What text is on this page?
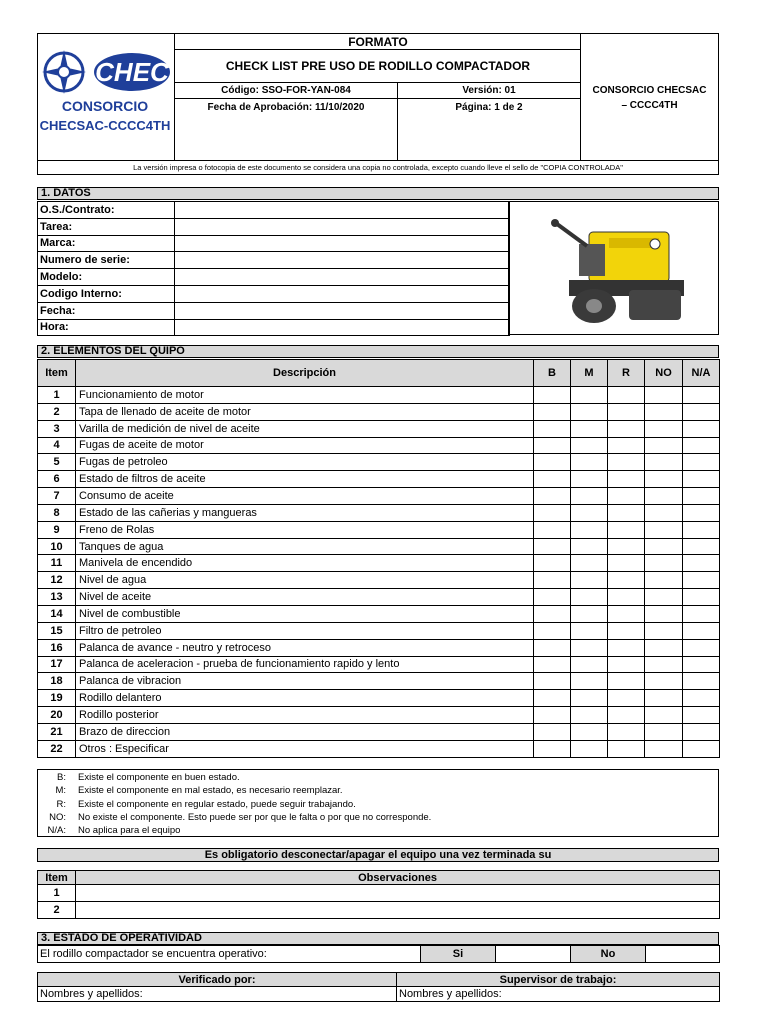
CHEC
CONSORCIO
CHECSAC-CCCC4TH
FORMATO
CHECK LIST PRE USO DE RODILLO COMPACTADOR
Código: SSO-FOR-YAN-084	Versión: 01
Fecha de Aprobación: 11/10/2020	Página: 1 de 2
CONSORCIO CHECSAC
– CCCC4TH
La versión impresa o fotocopia de este documento se considera una copia no controlada, excepto cuando lleve el sello de "COPIA CONTROLADA"
1. DATOS
O.S./Contrato:	
Tarea:	
Marca:	
Numero de serie:	
Modelo:	
Codigo Interno:	
Fecha:	
Hora:	
2. ELEMENTOS DEL QUIPO
Item	Descripción	B	M	R	NO	N/A
1	Funcionamiento de motor					
2	Tapa de llenado de aceite de motor					
3	Varilla de medición de nivel de aceite					
4	Fugas de aceite de motor					
5	Fugas de petroleo					
6	Estado de filtros de aceite					
7	Consumo de aceite					
8	Estado de las cañerias y mangueras					
9	Freno de Rolas					
10	Tanques de agua					
11	Manivela de encendido					
12	Nivel de agua					
13	Nivel de aceite					
14	Nivel de combustible					
15	Filtro de petroleo					
16	Palanca de avance - neutro y retroceso					
17	Palanca de aceleracion - prueba de funcionamiento rapido y lento					
18	Palanca de vibracion					
19	Rodillo delantero					
20	Rodillo posterior					
21	Brazo de direccion					
22	Otros : Especificar					
B: Existe el componente en buen estado.
M: Existe el componente en mal estado, es necesario reemplazar.
R: Existe el componente en regular estado, puede seguir trabajando.
NO: No existe el componente. Esto puede ser por que le falta o por que no corresponde.
N/A: No aplica para el equipo
Es obligatorio desconectar/apagar el equipo una vez terminada su
Item	Observaciones
1	
2	
3. ESTADO DE OPERATIVIDAD
El rodillo compactador se encuentra operativo:	Si		No	
Verificado por:	Supervisor de trabajo:
Nombres y apellidos:	Nombres y apellidos:
